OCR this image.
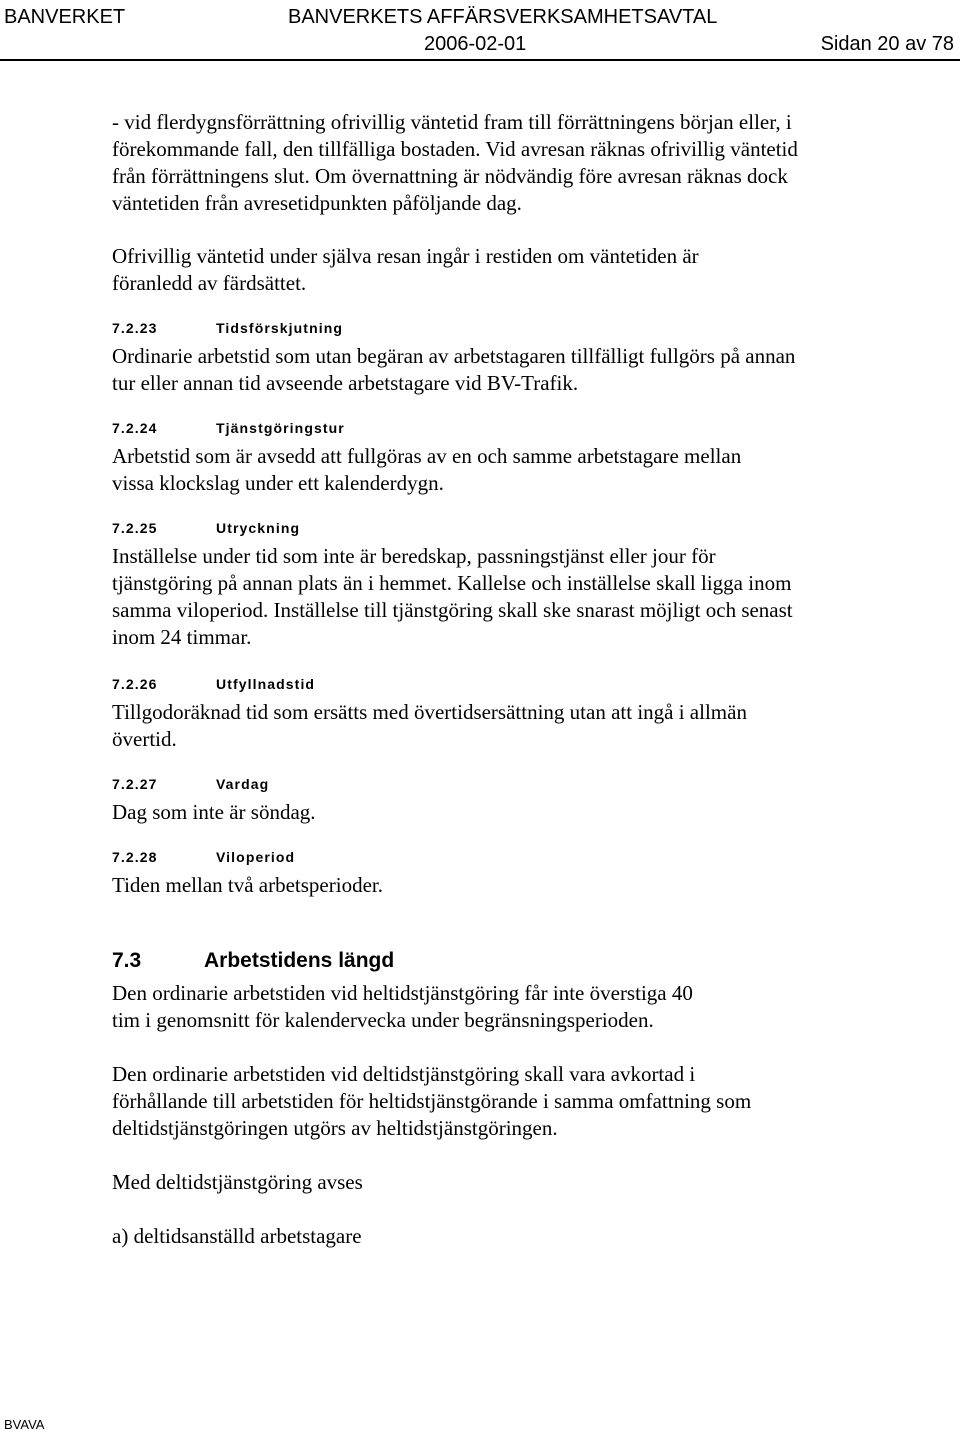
BANVERKET	BANVERKETS AFFÄRSVERKSAMHETSAVTAL
2006-02-01	Sidan 20 av 78

- vid flerdygnsförrättning ofrivillig väntetid fram till förrättningens början eller, i förekommande fall, den tillfälliga bostaden. Vid avresan räknas ofrivillig väntetid från förrättningens slut. Om övernattning är nödvändig före avresan räknas dock väntetiden från avresetidpunkten påföljande dag.

Ofrivillig väntetid under själva resan ingår i restiden om väntetiden är föranledd av färdsättet.

7.2.23	Tidsförskjutning

Ordinarie arbetstid som utan begäran av arbetstagaren tillfälligt fullgörs på annan tur eller annan tid avseende arbetstagare vid BV-Trafik.

7.2.24	Tjänstgöringstur

Arbetstid som är avsedd att fullgöras av en och samme arbetstagare mellan vissa klockslag under ett kalenderdygn.

7.2.25	Utryckning

Inställelse under tid som inte är beredskap, passningstjänst eller jour för tjänstgöring på annan plats än i hemmet. Kallelse och inställelse skall ligga inom samma viloperiod. Inställelse till tjänstgöring skall ske snarast möjligt och senast inom 24 timmar.

7.2.26	Utfyllnadstid

Tillgodoräknad tid som ersätts med övertidsersättning utan att ingå i allmän övertid.

7.2.27	Vardag

Dag som inte är söndag.

7.2.28	Viloperiod

Tiden mellan två arbetsperioder.

7.3	Arbetstidens längd

Den ordinarie arbetstiden vid heltidstjänstgöring får inte överstiga 40 tim i genomsnitt för kalendervecka under begränsningsperioden.

Den ordinarie arbetstiden vid deltidstjänstgöring skall vara avkortad i förhållande till arbetstiden för heltidstjänstgörande i samma omfattning som deltidstjänstgöringen utgörs av heltidstjänstgöringen.

Med deltidstjänstgöring avses

a) deltidsanställd arbetstagare

BVAVA
